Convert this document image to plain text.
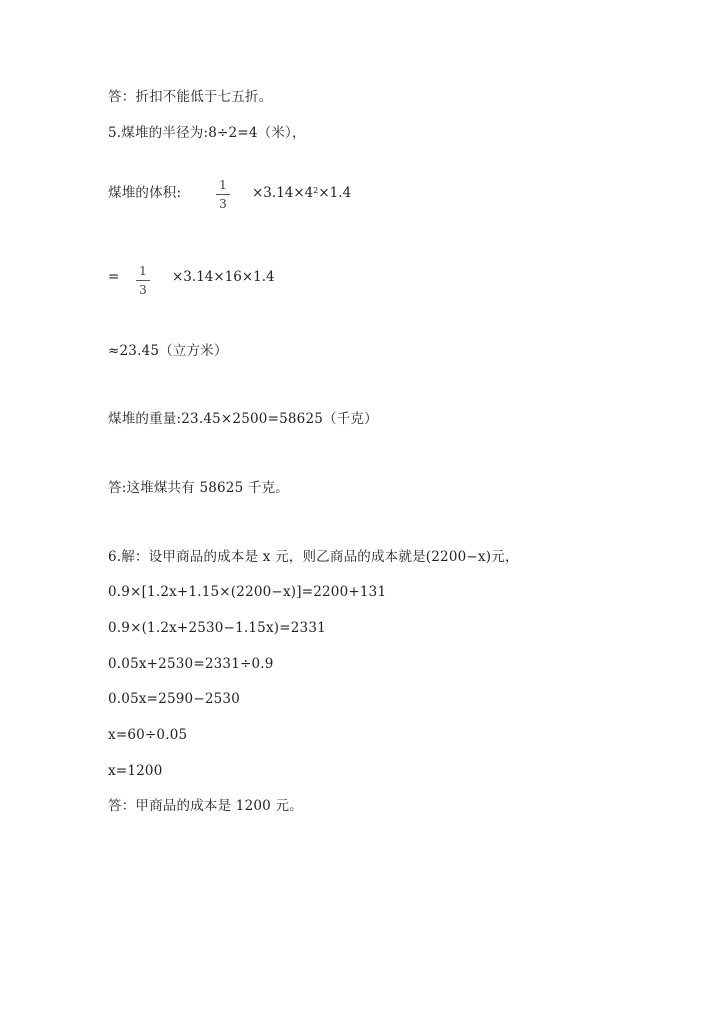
答：折扣不能低于七五折。
5.煤堆的半径为:8÷2=4（米），
煤堆的体积:	1
3
$\times 3.14\times 4^2\times 1.4$
= 1
3
×3.14×16×1.4
≈23.45（立方米）
煤堆的重量:23.45×2500=58625（千克）
答:这堆煤共有 58625 千克。
6.解：设甲商品的成本是 x 元，则乙商品的成本就是(2200−x)元，
0.9×[1.2x+1.15×(2200−x)]=2200+131
0.9×(1.2x+2530−1.15x)=2331
0.05x+2530=2331÷0.9
0.05x=2590−2530
x=60÷0.05
x=1200
答：甲商品的成本是 1200 元。
